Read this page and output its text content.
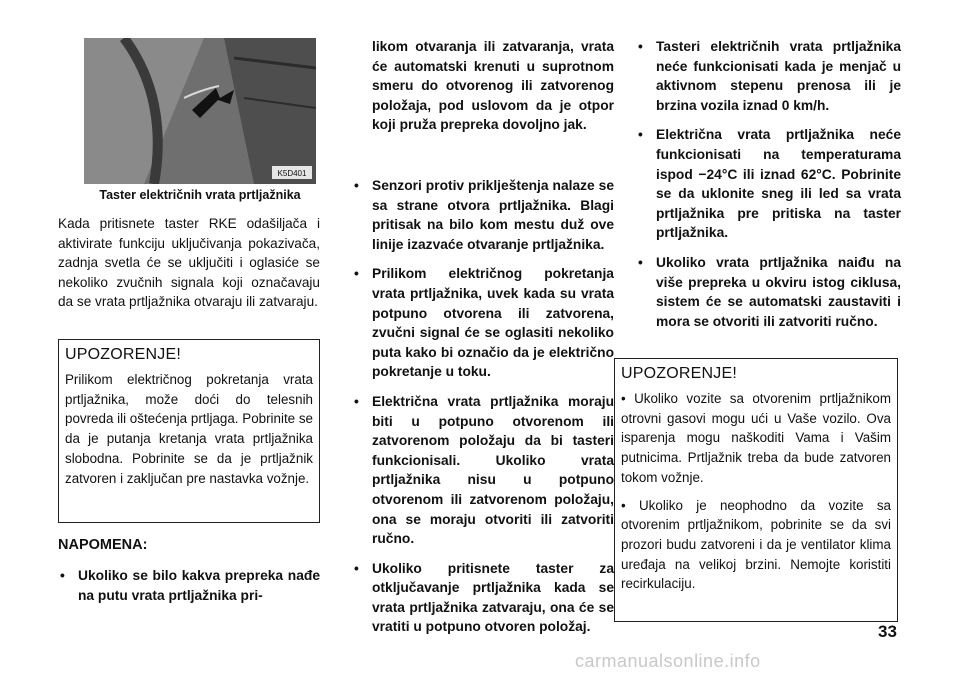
K5D401
Taster električnih vrata prtljažnika

Kada pritisnete taster RKE odašiljača i aktivirate funkciju uključivanja pokazivača, zadnja svetla će se uključiti i oglasiće se nekoliko zvučnih signala koji označavaju da se vrata prtljažnika otvaraju ili zatvaraju.

UPOZORENJE!

Prilikom električnog pokretanja vrata prtljažnika, može doći do telesnih povreda ili oštećenja prtljaga. Pobrinite se da je putanja kretanja vrata prtljažnika slobodna. Pobrinite se da je prtljažnik zatvoren i zaključan pre nastavka vožnje.

NAPOMENA:
• Ukoliko se bilo kakva prepreka nađe na putu vrata prtljažnika pri-

likom otvaranja ili zatvaranja, vrata će automatski krenuti u suprotnom smeru do otvorenog ili zatvorenog položaja, pod uslovom da je otpor koji pruža prepreka dovoljno jak.

• Senzori protiv priklještenja nalaze se sa strane otvora prtljažnika. Blagi pritisak na bilo kom mestu duž ove linije izazvaće otvaranje prtljažnika.
• Prilikom električnog pokretanja vrata prtljažnika, uvek kada su vrata potpuno otvorena ili zatvorena, zvučni signal će se oglasiti nekoliko puta kako bi označio da je električno pokretanje u toku.
• Električna vrata prtljažnika moraju biti u potpuno otvorenom ili zatvorenom položaju da bi tasteri funkcionisali. Ukoliko vrata prtljažnika nisu u potpuno otvorenom ili zatvorenom položaju, ona se moraju otvoriti ili zatvoriti ručno.
• Ukoliko pritisnete taster za otključavanje prtljažnika kada se vrata prtljažnika zatvaraju, ona će se vratiti u potpuno otvoren položaj.
• Tasteri električnih vrata prtljažnika neće funkcionisati kada je menjač u aktivnom stepenu prenosa ili je brzina vozila iznad 0 km/h.
• Električna vrata prtljažnika neće funkcionisati na temperaturama ispod −24°C ili iznad 62°C. Pobrinite se da uklonite sneg ili led sa vrata prtljažnika pre pritiska na taster prtljažnika.
• Ukoliko vrata prtljažnika naiđu na više prepreka u okviru istog ciklusa, sistem će se automatski zaustaviti i mora se otvoriti ili zatvoriti ručno.
UPOZORENJE!

• Ukoliko vozite sa otvorenim prtljažnikom otrovni gasovi mogu ući u Vaše vozilo. Ova isparenja mogu naškoditi Vama i Vašim putnicima. Prtljažnik treba da bude zatvoren tokom vožnje.

• Ukoliko je neophodno da vozite sa otvorenim prtljažnikom, pobrinite se da svi prozori budu zatvoreni i da je ventilator klima uređaja na velikoj brzini. Nemojte koristiti recirkulaciju.

33
carmanualsonline.info
